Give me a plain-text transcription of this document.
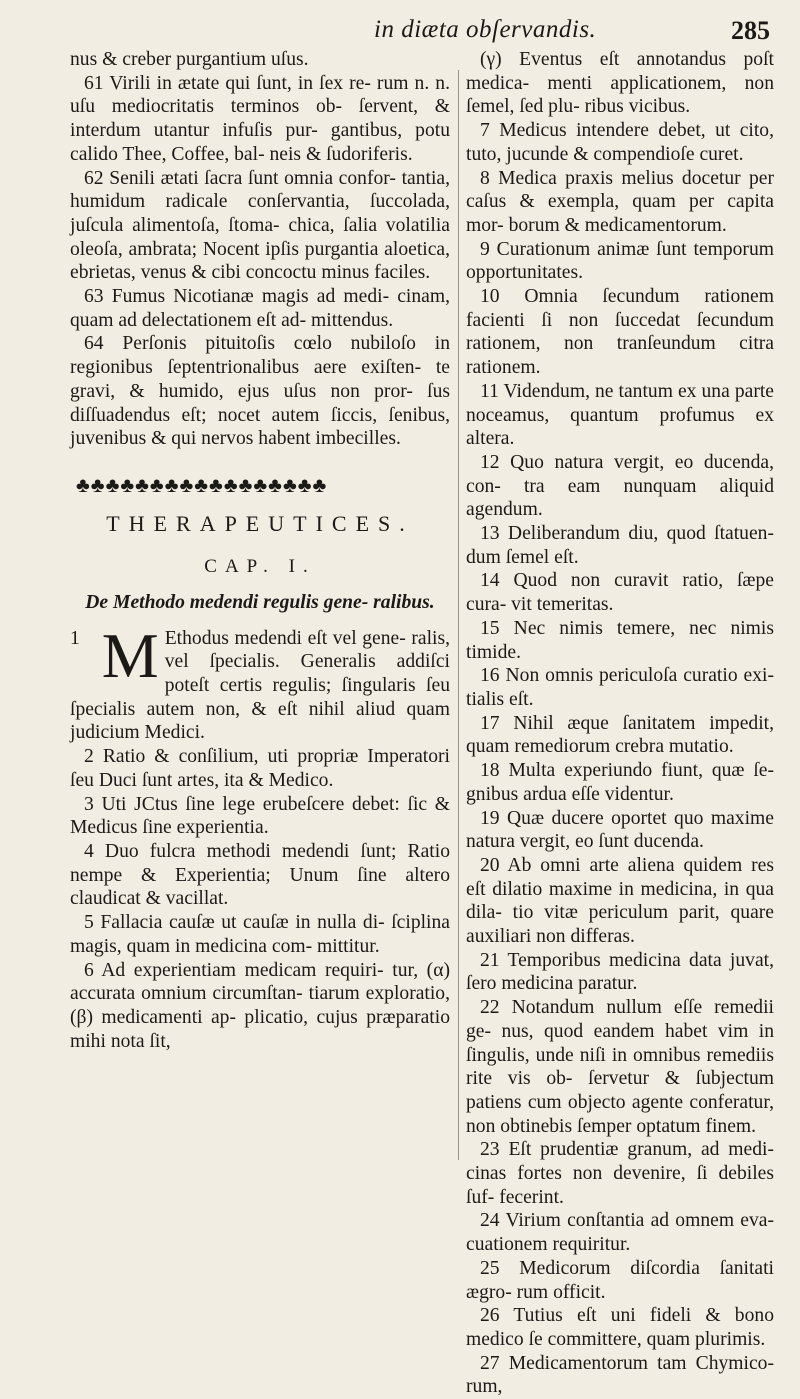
in diæta obſervandis.	285

nus & creber purgantium uſus.

61 Virili in ætate qui ſunt, in ſex re- rum n. n. uſu mediocritatis terminos ob- ſervent, & interdum utantur infuſis pur- gantibus, potu calido Thee, Coffee, bal- neis & ſudoriferis.

62 Senili ætati ſacra ſunt omnia confor- tantia, humidum radicale conſervantia, ſuccolada, juſcula alimentoſa, ſtoma- chica, ſalia volatilia oleoſa, ambrata; Nocent ipſis purgantia aloetica, ebrietas, venus & cibi concoctu minus faciles.

63 Fumus Nicotianæ magis ad medi- cinam, quam ad delectationem eſt ad- mittendus.

64 Perſonis pituitoſis cœlo nubiloſo in regionibus ſeptentrionalibus aere exiſten- te gravi, & humido, ejus uſus non pror- ſus diſſuadendus eſt; nocet autem ſiccis, ſenibus, juvenibus & qui nervos habent imbecilles.

♣♣♣♣♣♣♣♣♣♣♣♣♣♣♣♣♣
THERAPEUTICES.
CAP. I.
De Methodo medendi regulis gene- ralibus.

1 M Ethodus medendi eſt vel gene- ralis, vel ſpecialis. Generalis addiſci poteſt certis regulis; ſingularis ſeu ſpecialis autem non, & eſt nihil aliud quam judicium Medici.

2 Ratio & conſilium, uti propriæ Imperatori ſeu Duci ſunt artes, ita & Medico.

3 Uti JCtus ſine lege erubeſcere debet: ſic & Medicus ſine experientia.

4 Duo fulcra methodi medendi ſunt; Ratio nempe & Experientia; Unum ſine altero claudicat & vacillat.

5 Fallacia cauſæ ut cauſæ in nulla di- ſciplina magis, quam in medicina com- mittitur.

6 Ad experientiam medicam requiri- tur, (α) accurata omnium circumſtan- tiarum exploratio, (β) medicamenti ap- plicatio, cujus præparatio mihi nota ſit,

(γ) Eventus eſt annotandus poſt medica- menti applicationem, non ſemel, ſed plu- ribus vicibus.

7 Medicus intendere debet, ut cito, tuto, jucunde & compendioſe curet.

8 Medica praxis melius docetur per caſus & exempla, quam per capita mor- borum & medicamentorum.

9 Curationum animæ ſunt temporum opportunitates.

10 Omnia ſecundum rationem facienti ſi non ſuccedat ſecundum rationem, non tranſeundum citra rationem.

11 Videndum, ne tantum ex una parte noceamus, quantum profumus ex altera.

12 Quo natura vergit, eo ducenda, con- tra eam nunquam aliquid agendum.

13 Deliberandum diu, quod ſtatuen- dum ſemel eſt.

14 Quod non curavit ratio, ſæpe cura- vit temeritas.

15 Nec nimis temere, nec nimis timide.

16 Non omnis periculoſa curatio exi- tialis eſt.

17 Nihil æque ſanitatem impedit, quam remediorum crebra mutatio.

18 Multa experiundo fiunt, quæ ſe- gnibus ardua eſſe videntur.

19 Quæ ducere oportet quo maxime natura vergit, eo ſunt ducenda.

20 Ab omni arte aliena quidem res eſt dilatio maxime in medicina, in qua dila- tio vitæ periculum parit, quare auxiliari non differas.

21 Temporibus medicina data juvat, ſero medicina paratur.

22 Notandum nullum eſſe remedii ge- nus, quod eandem habet vim in ſingulis, unde niſi in omnibus remediis rite vis ob- ſervetur & ſubjectum patiens cum objecto agente conferatur, non obtinebis ſemper optatum finem.

23 Eſt prudentiæ granum, ad medi- cinas fortes non devenire, ſi debiles ſuf- fecerint.

24 Virium conſtantia ad omnem eva- cuationem requiritur.

25 Medicorum diſcordia ſanitati ægro- rum officit.

26 Tutius eſt uni fideli & bono medico ſe committere, quam plurimis.

27 Medicamentorum tam Chymico- rum,
